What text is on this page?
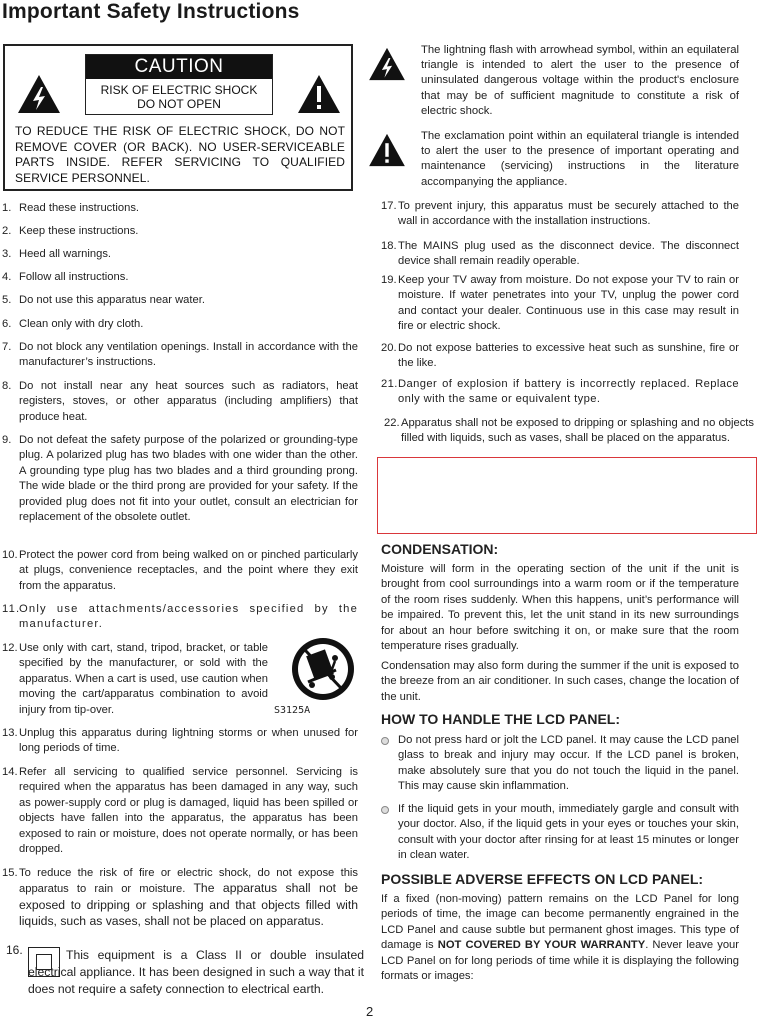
Important Safety Instructions
CAUTION
RISK OF ELECTRIC SHOCK
DO NOT OPEN
TO REDUCE THE RISK OF ELECTRIC SHOCK, DO NOT REMOVE COVER (OR BACK). NO USER-SERVICEABLE PARTS INSIDE. REFER SERVICING TO QUALIFIED SERVICE PERSONNEL.
The lightning flash with arrowhead symbol, within an equilateral triangle is intended to alert the user to the presence of uninsulated dangerous voltage within the product's enclosure that may be of sufficient magnitude to constitute a risk of electric shock.
The exclamation point within an equilateral triangle is intended to alert the user to the presence of important operating and maintenance (servicing) instructions in the literature accompanying the appliance.
1. Read these instructions.
2. Keep these instructions.
3. Heed all warnings.
4. Follow all instructions.
5. Do not use this apparatus near water.
6. Clean only with dry cloth.
7. Do not block any ventilation openings. Install in accordance with the manufacturer’s instructions.
8. Do not install near any heat sources such as radiators, heat registers, stoves, or other apparatus (including amplifiers) that produce heat.
9. Do not defeat the safety purpose of the polarized or grounding-type plug. A polarized plug has two blades with one wider than the other. A grounding type plug has two blades and a third grounding prong. The wide blade or the third prong are provided for your safety. If the provided plug does not fit into your outlet, consult an electrician for replacement of the obsolete outlet.
10. Protect the power cord from being walked on or pinched particularly at plugs, convenience receptacles, and the point where they exit from the apparatus.
11.
Only use attachments/accessories specified by the manufacturer.
12. Use only with cart, stand, tripod, bracket, or table specified by the manufacturer, or sold with the apparatus. When a cart is used, use caution when moving the cart/apparatus combination to avoid injury from tip-over.	S3125A
13. Unplug this apparatus during lightning storms or when unused for long periods of time.
14. Refer all servicing to qualified service personnel. Servicing is required when the apparatus has been damaged in any way, such as power-supply cord or plug is damaged, liquid has been spilled or objects have fallen into the apparatus, the apparatus has been exposed to rain or moisture, does not operate normally, or has been dropped.
15. To reduce the risk of fire or electric shock, do not expose this apparatus to rain or moisture. The apparatus shall not be exposed to dripping or splashing and that objects filled with liquids, such as vases, shall not be placed on apparatus.
16.	This equipment is a Class II or double insulated electrical appliance. It has been designed in such a way that it does not require a safety connection to electrical earth.
17. To prevent injury, this apparatus must be securely attached to the wall in accordance with the installation instructions.
18. The MAINS plug used as the disconnect device. The disconnect device shall remain readily operable.
19. Keep your TV away from moisture. Do not expose your TV to rain or moisture. If water penetrates into your TV, unplug the power cord and contact your dealer. Continuous use in this case may result in fire or electric shock.
20. Do not expose batteries to excessive heat such as sunshine, fire or the like.
21. Danger of explosion if battery is incorrectly replaced. Replace only with the same or equivalent type.
22. Apparatus shall not be exposed to dripping or splashing and no objects filled with liquids, such as vases, shall be placed on the apparatus.
CONDENSATION:
Moisture will form in the operating section of the unit if the unit is brought from cool surroundings into a warm room or if the temperature of the room rises suddenly. When this happens, unit’s performance will be impaired. To prevent this, let the unit stand in its new surroundings for about an hour before switching it on, or make sure that the room temperature rises gradually.
Condensation may also form during the summer if the unit is exposed to the breeze from an air conditioner. In such cases, change the location of the unit.
HOW TO HANDLE THE LCD PANEL:
Do not press hard or jolt the LCD panel. It may cause the LCD panel glass to break and injury may occur. If the LCD panel is broken, make absolutely sure that you do not touch the liquid in the panel. This may cause skin inflammation.
If the liquid gets in your mouth, immediately gargle and consult with your doctor. Also, if the liquid gets in your eyes or touches your skin, consult with your doctor after rinsing for at least 15 minutes or longer in clean water.
POSSIBLE ADVERSE EFFECTS ON LCD PANEL:
If a fixed (non-moving) pattern remains on the LCD Panel for long periods of time, the image can become permanently engrained in the LCD Panel and cause subtle but permanent ghost images. This type of damage is NOT COVERED BY YOUR WARRANTY. Never leave your LCD Panel on for long periods of time while it is displaying the following formats or images:
2
